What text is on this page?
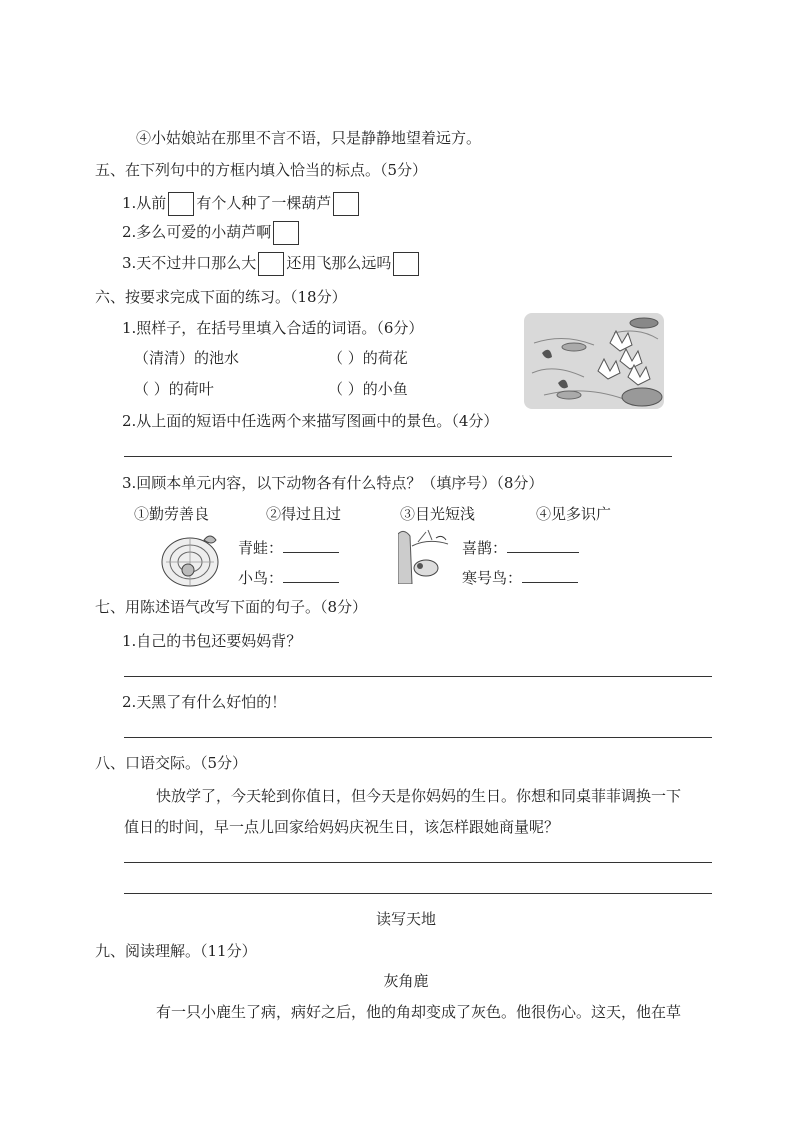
④小姑娘站在那里不言不语，只是静静地望着远方。
五、在下列句中的方框内填入恰当的标点。（5分）
1.从前 有个人种了一棵葫芦
2.多么可爱的小葫芦啊
3.天不过井口那么大 还用飞那么远吗
六、按要求完成下面的练习。（18分）
1.照样子，在括号里填入合适的词语。（6分）
（清清）的池水	（ ）的荷花
（ ）的荷叶	（ ）的小鱼
2.从上面的短语中任选两个来描写图画中的景色。（4分）
3.回顾本单元内容，以下动物各有什么特点？（填序号）（8分）
①勤劳善良	②得过且过	③目光短浅	④见多识广
青蛙：
小鸟：
喜鹊：
寒号鸟：
七、用陈述语气改写下面的句子。（8分）
1.自己的书包还要妈妈背？
2.天黑了有什么好怕的！
八、口语交际。（5分）
快放学了，今天轮到你值日，但今天是你妈妈的生日。你想和同桌菲菲调换一下
值日的时间，早一点儿回家给妈妈庆祝生日，该怎样跟她商量呢？
读写天地
九、阅读理解。（11分）
灰角鹿
有一只小鹿生了病，病好之后，他的角却变成了灰色。他很伤心。这天，他在草
